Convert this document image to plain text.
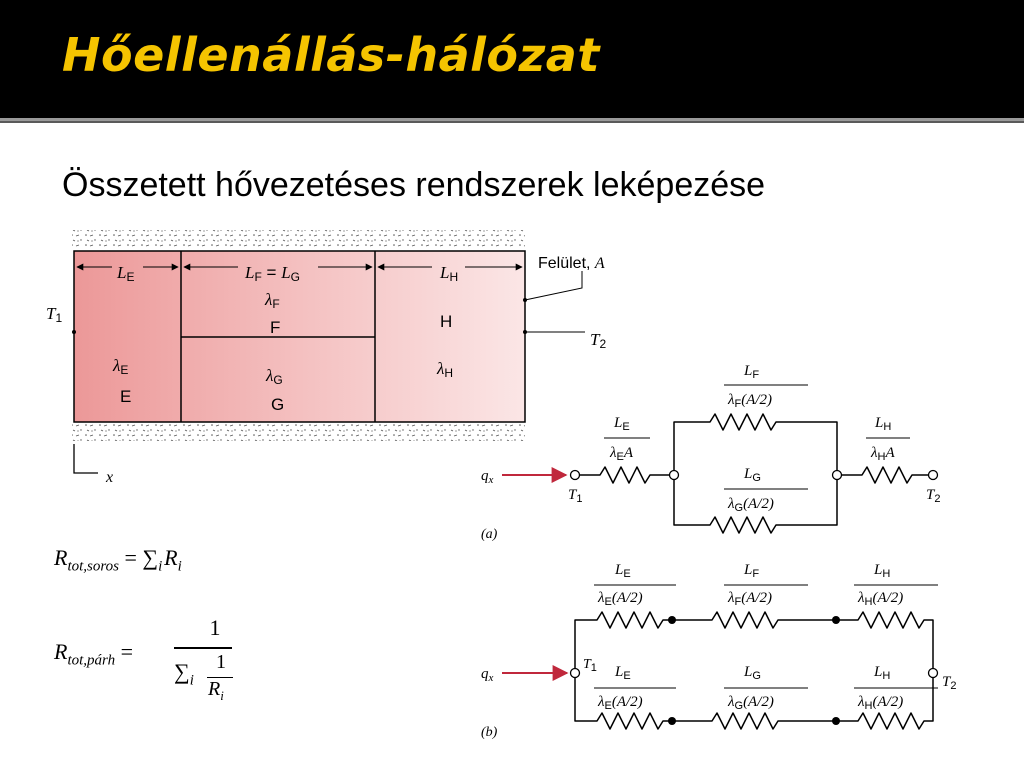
Hőellenállás-hálózat
Összetett hővezetéses rendszerek leképezése
LE	LF = LG	LH
λF
F	H
λE
E
λG
G
λH
T1
T2
Felület, A
x	$q_x$
$T_1$	$T_2$
$L_E$
$\lambda_EA$
$L_F$
$\lambda_F(A/2)$
$L_G$
$\lambda_G(A/2)$
$L_H$
$\lambda_HA$
(a)
$q_x$
$T_1$
$T_2$
$L_E$
$\lambda_E(A/2)$
$L_F$
$\lambda_F(A/2)$
$L_H$
$\lambda_H(A/2)$
$L_E$
$\lambda_E(A/2)$
$L_G$
$\lambda_G(A/2)$
$L_H$
$\lambda_H(A/2)$
(b)
$R_{tot,soros} = \sum_i$ $R_i$
$R_{tot,párh}$ =
1
$\sum_i$
1
$R_i$
